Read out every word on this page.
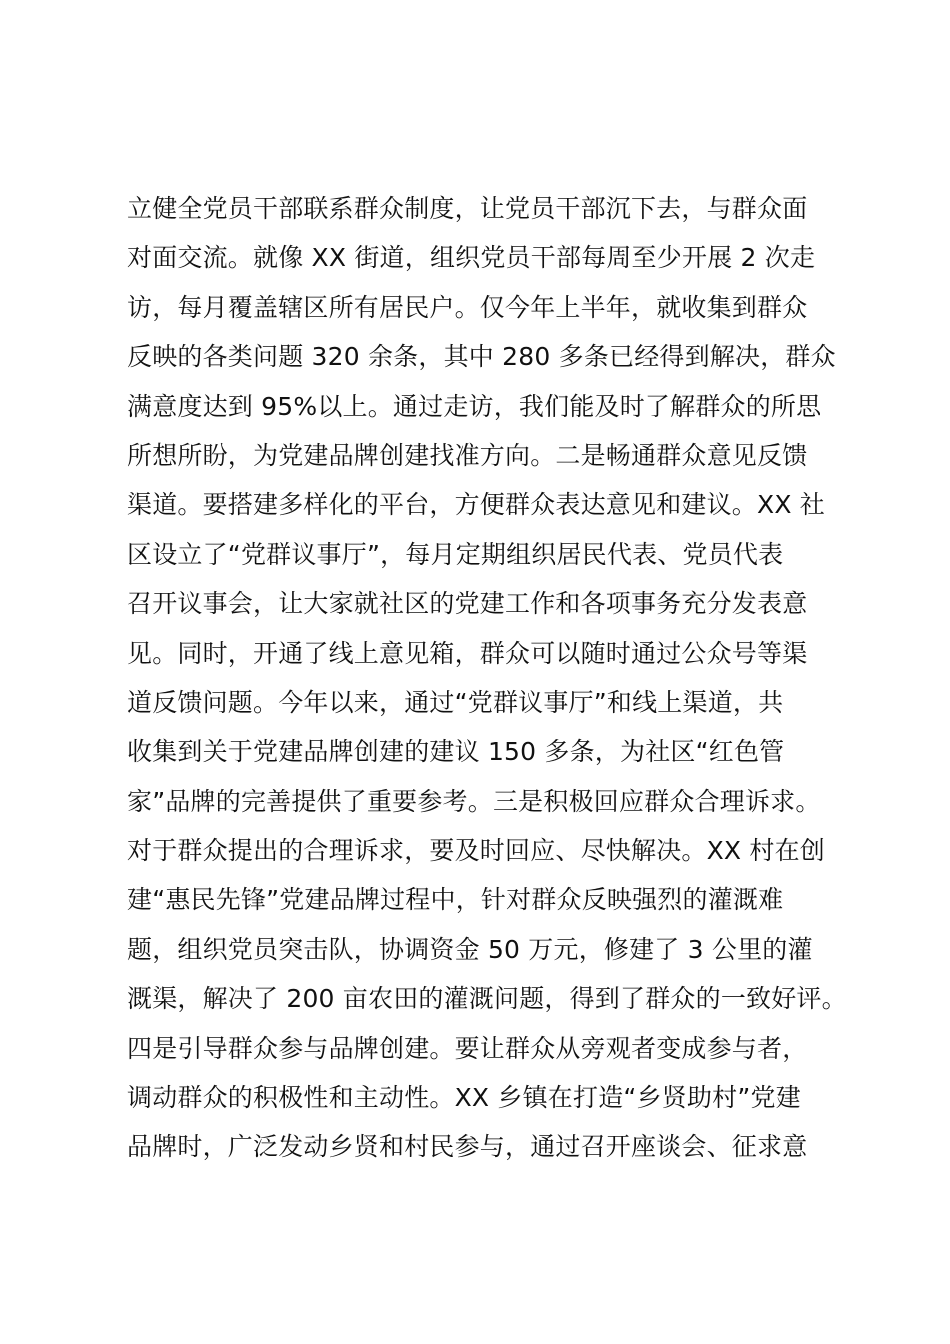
立健全党员干部联系群众制度，让党员干部沉下去，与群众面
对面交流。就像 XX 街道，组织党员干部每周至少开展 2 次走
访，每月覆盖辖区所有居民户。仅今年上半年，就收集到群众
反映的各类问题 320 余条，其中 280 多条已经得到解决，群众
满意度达到 95%以上。通过走访，我们能及时了解群众的所思
所想所盼，为党建品牌创建找准方向。二是畅通群众意见反馈
渠道。要搭建多样化的平台，方便群众表达意见和建议。XX 社
区设立了“党群议事厅”，每月定期组织居民代表、党员代表
召开议事会，让大家就社区的党建工作和各项事务充分发表意
见。同时，开通了线上意见箱，群众可以随时通过公众号等渠
道反馈问题。今年以来，通过“党群议事厅”和线上渠道，共
收集到关于党建品牌创建的建议 150 多条，为社区“红色管
家”品牌的完善提供了重要参考。三是积极回应群众合理诉求。
对于群众提出的合理诉求，要及时回应、尽快解决。XX 村在创
建“惠民先锋”党建品牌过程中，针对群众反映强烈的灌溉难
题，组织党员突击队，协调资金 50 万元，修建了 3 公里的灌
溉渠，解决了 200 亩农田的灌溉问题，得到了群众的一致好评。
四是引导群众参与品牌创建。要让群众从旁观者变成参与者，
调动群众的积极性和主动性。XX 乡镇在打造“乡贤助村”党建
品牌时，广泛发动乡贤和村民参与，通过召开座谈会、征求意
